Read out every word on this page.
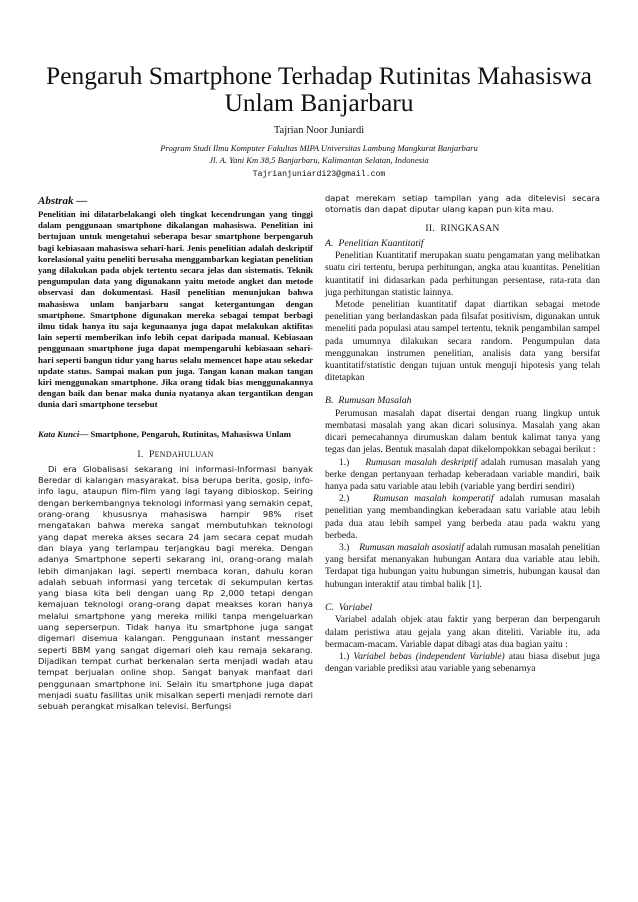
Pengaruh Smartphone Terhadap Rutinitas Mahasiswa
Unlam Banjarbaru
Tajrian Noor Juniardi
Program Studi Ilmu Komputer Fakultas MIPA Universitas Lambung Mangkurat Banjarbaru
Jl. A. Yani Km 38,5 Banjarbaru, Kalimantan Selatan, Indonesia
Tajrianjuniardi23@gmail.com
Abstrak —

Penelitian ini dilatarbelakangi oleh tingkat kecendrungan yang tinggi dalam penggunaan smartphone dikalangan mahasiswa. Penelitian ini bertujuan untuk mengetahui seberapa besar smartphone berpengaruh bagi kebiasaan mahasiswa sehari-hari. Jenis penelitian adalah deskriptif korelasional yaitu peneliti berusaha menggambarkan kegiatan penelitian yang dilakukan pada objek tertentu secara jelas dan sistematis. Teknik pengumpulan data yang digunakann yaitu metode angket dan metode observasi dan dokumentasi. Hasil penelitian menunjukan bahwa mahasiswa unlam banjarbaru sangat ketergantungan dengan smartphone. Smartphone digunakan mereka sebagai tempat berbagi ilmu tidak hanya itu saja kegunaanya juga dapat melakukan aktifitas lain seperti memberikan info lebih cepat daripada manual. Kebiasaan penggunaan smartphone juga dapat mempengaruhi kebiasaan sehari-hari seperti bangun tidur yang harus selalu memencet hape atau sekedar update status. Sampai makan pun juga. Tangan kanan makan tangan kiri menggunakan smartphone. Jika orang tidak bias menggunakannya dengan baik dan benar maka dunia nyatanya akan tergantikan dengan dunia dari smartphone tersebut

Kata Kunci— Smartphone, Pengaruh, Rutinitas, Mahasiswa Unlam

I. PENDAHULUAN

Di era Globalisasi sekarang ini informasi-Informasi banyak Beredar di kalangan masyarakat. bisa berupa berita, gosip, info-info lagu, ataupun film-film yang lagi tayang dibioskop. Seiring dengan berkembangnya teknologi informasi yang semakin cepat, orang-orang khususnya mahasiswa hampir 98% riset mengatakan bahwa mereka sangat membutuhkan teknologi yang dapat mereka akses secara 24 jam secara cepat mudah dan biaya yang terlampau terjangkau bagi mereka. Dengan adanya Smartphone seperti sekarang ini, orang-orang malah lebih dimanjakan lagi. seperti membaca koran, dahulu koran adalah sebuah informasi yang tercetak di sekumpulan kertas yang biasa kita beli dengan uang Rp 2,000 tetapi dengan kemajuan teknologi orang-orang dapat meakses koran hanya melalui smartphone yang mereka miliki tanpa mengeluarkan uang seperserpun. Tidak hanya itu smartphone juga sangat digemari disemua kalangan. Penggunaan instant messanger seperti BBM yang sangat digemari oleh kau remaja sekarang. Dijadikan tempat curhat berkenalan serta menjadi wadah atau tempat berjualan online shop. Sangat banyak manfaat dari penggunaan smartphone ini. Selain itu smartphone juga dapat menjadi suatu fasilitas unik misalkan seperti menjadi remote dari sebuah perangkat misalkan televisi. Berfungsi

dapat merekam setiap tampilan yang ada ditelevisi secara otomatis dan dapat diputar ulang kapan pun kita mau.

II. RINGKASAN
A. Penelitian Kuantitatif

Penelitian Kuantitatif merupakan suatu pengamatan yang melibatkan suatu ciri tertentu, berupa perhitungan, angka atau kuantitas. Penelitian kuantitatif ini didasarkan pada perhitungan persentase, rata-rata dan juga perhitungan statistic lainnya.

Metode penelitian kuantitatif dapat diartikan sebagai metode penelitian yang berlandaskan pada filsafat positivism, digunakan untuk meneliti pada populasi atau sampel tertentu, teknik pengambilan sampel pada umumnya dilakukan secara random. Pengumpulan data menggunakan instrumen penelitian, analisis data yang bersifat kuantitatif/statistic dengan tujuan untuk menguji hipotesis yang telah ditetapkan

B. Rumusan Masalah

Perumusan masalah dapat disertai dengan ruang lingkup untuk membatasi masalah yang akan dicari solusinya. Masalah yang akan dicari pemecahannya dirumuskan dalam bentuk kalimat tanya yang tegas dan jelas. Bentuk masalah dapat dikelompokkan sebagai berikut :

1.) Rumusan masalah deskriptif adalah rumusan masalah yang berke dengan pertanyaan terhadap keberadaan variable mandiri, baik hanya pada satu variable atau lebih (variable yang berdiri sendiri)

2.) Rumusan masalah komperatif adalah rumusan masalah penelitian yang membandingkan keberadaan satu variable atau lebih pada dua atau lebih sampel yang berbeda atau pada waktu yang berbeda.

3.) Rumusan masalah asosiatif adalah rumusan masalah penelitian yang bersifat menanyakan hubungan Antara dua variable atau lebih. Terdapat tiga hubungan yaitu hubungan simetris, hubungan kausal dan hubungan interaktif atau timbal balik [1].

C. Variabel

Variabel adalah objek atau faktir yang berperan dan berpengaruh dalam peristiwa atau gejala yang akan diteliti. Variable itu, ada bermacam-macam. Variable dapat dibagi atas dua bagian yaitu :

1.) Variabel bebas (independent Variable) atau biasa disebut juga dengan variable prediksi atau variable yang sebenarnya
